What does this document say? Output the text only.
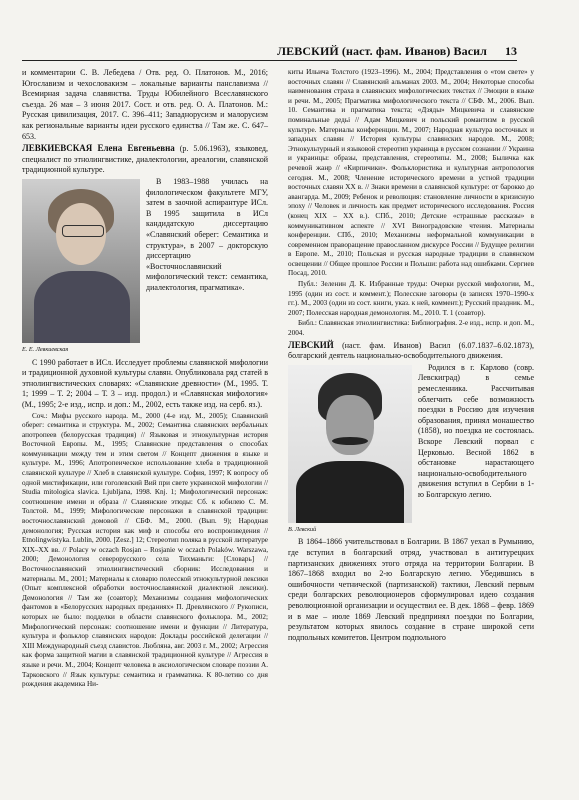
ЛЕВСКИЙ (наст. фам. Иванов) Васил 13

и комментарии С. В. Лебедева / Отв. ред. О. Платонов. М., 2016; Югославизм и чехословакизм – локальные варианты панславизма // Всемирная задача славянства. Труды Юбилейного Всеславянского съезда. 26 мая – 3 июня 2017. Сост. и отв. ред. О. А. Платонов. М.: Русская цивилизация, 2017. С. 396–411; Западнорусизм и малорусизм как региональные варианты идеи русского единства // Там же. С. 647–653.

ЛЕВКИЕВСКАЯ Елена Евгеньевна (р. 5.06.1963), языковед, специалист по этнолингвистике, диалектологии, ареалогии, славянской традиционной культуре.

Е. Е. Левкиевская

В 1983–1988 училась на филологическом факультете МГУ, затем в заочной аспирантуре ИСл. В 1995 защитила в ИСл кандидатскую диссертацию «Славянский оберег: Семантика и структура», в 2007 – докторскую диссертацию «Восточнославянский мифологический текст: семантика, диалектология, прагматика».

С 1990 работает в ИСл. Исследует проблемы славянской мифологии и традиционной духовной культуры славян. Опубликовала ряд статей в этнолингвистических словарях: «Славянские древности» (М., 1995. Т. 1; 1999 – Т. 2; 2004 – Т. 3 – изд. продол.) и «Славянская мифология» (М., 1995; 2-е изд., испр. и доп.: М., 2002, есть также изд. на серб. яз.).

Соч.: Мифы русского народа. М., 2000 (4-е изд. М., 2005); Славянский оберег: семантика и структура. М., 2002; Семантика славянских вербальных апотропеев (белорусская традиция) // Языковая и этнокультурная история Восточной Европы. М., 1995; Славянские представления о способах коммуникации между тем и этим светом // Концепт движения в языке и культуре. М., 1996; Апотропеическое использование хлеба в традиционной славянской культуре // Хлеб в славянской культуре. София, 1997; К вопросу об одной мистификации, или гоголевский Вий при свете украинской мифологии // Studia mitologica slavica. Ljubljana, 1998. Knj. 1; Мифологический персонаж: соотношение имени и образа // Славянские этюды: Сб. к юбилею С. М. Толстой. М., 1999; Мифологические персонажи в славянской традиции: восточнославянский домовой // СБФ. М., 2000. (Вып. 9); Народная демонология; Русская история как миф и способы его воспроизведения // Etnolingwistyka. Lublin, 2000. [Zesz.] 12; Стереотип поляка в русской литературе XIX–XX вв. // Polacy w oczach Rosjan – Rosjanie w oczach Polaków. Warszawa, 2000; Демонология северорусского села Тихманьги: [Словарь] // Восточнославянский этнолингвистический сборник: Исследования и материалы. М., 2001; Материалы к словарю полесской этнокультурной лексики (Опыт комплексной обработки восточнославянской диалектной лексики). Демонология // Там же (соавтор); Механизмы создания мифологических фантомов в «Белорусских народных преданиях» П. Древлянского // Рукописи, которых не было: подделки в области славянского фольклора. М., 2002; Мифологический персонаж: соотношение имени и функции // Литература, культура и фольклор славянских народов: Доклады российской делегации // XIII Международный съезд славистов. Любляна, авг. 2003 г. М., 2002; Агрессия как форма защитной магии в славянской традиционной культуре // Агрессия в языке и речи. М., 2004; Концепт человека в аксиологическом словаре поэзии А. Тарковского // Язык культуры: семантика и грамматика. К 80-летию со дня рождения академика Ни-

киты Ильича Толстого (1923–1996). М., 2004; Представления о «том свете» у восточных славян // Славянский альманах 2003. М., 2004; Некоторые способы наименования страха в славянских мифологических текстах // Эмоции в языке и речи. М., 2005; Прагматика мифологического текста // СБФ. М., 2006. Вып. 10. Семантика и прагматика текста; «Дзяды» Мицкевича и славянские поминальные дедьі // Адам Мицкевич и польский романтизм в русской культуре. Материалы конференции. М., 2007; Народная культура восточных и западных славян // История культуры славянских народов. М., 2008; Этнокультурный и языковой стереотип украинца в русском сознании // Украина и украинцы: образы, представления, стереотипы. М., 2008; Быличка как речевой жанр // «Кирпичики». Фольклористика и культурная антропология сегодня. М., 2008; Членение исторического времени в устной традиции восточных славян XX в. // Знаки времени в славянской культуре: от барокко до авангарда. М., 2009; Ребенок и революция: становление личности в кризисную эпоху // Человек и личность как предмет исторического исследования. Россия (конец XIX – XX в.). СПб., 2010; Детские «страшные рассказы» в коммуникативном аспекте // XVI Виноградовские чтения. Материалы конференции. СПб., 2010; Механизмы неформальной коммуникации в современном праворащение правосланном дискурсе России // Будущее религии в Европе. М., 2010; Польская и русская народные традиции в славянском освещении // Общее прошлое России и Польши: работа над ошибками. Сергиев Посад, 2010.

Публ.: Зеленин Д. К. Избранные труды: Очерки русской мифологии, М., 1995 (один из сост. и коммент.); Полесские заговоры (в записях 1970–1990-х гг.). М., 2003 (один из сост. книги, указ. к ней, коммент.); Русский праздник. М., 2007; Полесская народная демонология. М., 2010. Т. 1 (соавтор).

Библ.: Славянская этнолингвистика: Библиография. 2-е изд., испр. и доп. М., 2004.

ЛЕВСКИЙ (наст. фам. Иванов) Васил (6.07.1837–6.02.1873), болгарский деятель национально-освободительного движения.

В. Левский

Родился в г. Карлово (совр. Левскиград) в семье ремесленника. Рассчитывая облегчить себе возможность поездки в Россию для изучения образования, принял монашество (1858), но поездка не состоялась. Вскоре Левский порвал с Церковью. Весной 1862 в обстановке нарастающего национально-освободительного движения вступил в Сербии в 1-ю Болгарскую легию.

В 1864–1866 учительствовал в Болгарии. В 1867 уехал в Румынию, где вступил в болгарский отряд, участвовал в антитурецких партизанских движениях этого отряда на территории Болгарии. В 1867–1868 входил во 2-ю Болгарскую легию. Убедившись в ошибочности четнической (партизанской) тактики, Левский первым среди болгарских революционеров сформулировал идею создания революционной организации и осуществил ее. В дек. 1868 – февр. 1869 и в мае – июле 1869 Левский предпринял поездки по Болгарии, результатом которых явилось создание в стране широкой сети подпольных комитетов. Центром подпольного
